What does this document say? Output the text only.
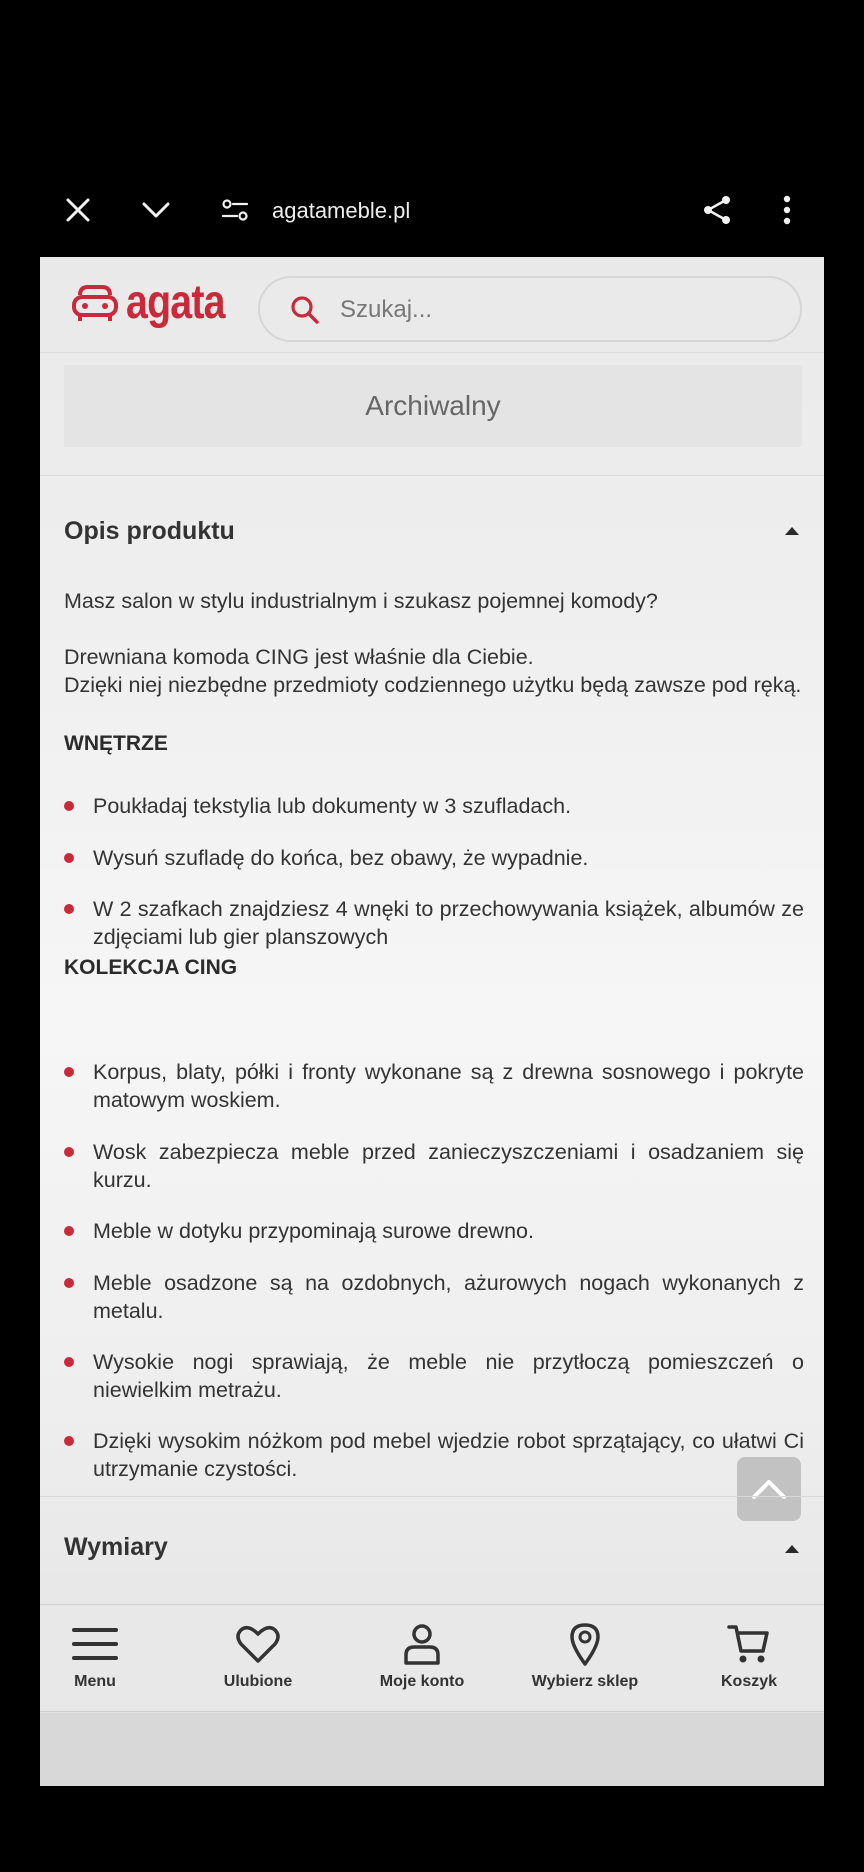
agatameble.pl
agata	Szukaj...
Archiwalny
Opis produktu
Masz salon w stylu industrialnym i szukasz pojemnej komody?
Drewniana komoda CING jest właśnie dla Ciebie.
Dzięki niej niezbędne przedmioty codziennego użytku będą zawsze pod ręką.
WNĘTRZE
Poukładaj tekstylia lub dokumenty w 3 szufladach.
Wysuń szufladę do końca, bez obawy, że wypadnie.
W 2 szafkach znajdziesz 4 wnęki to przechowywania książek, albumów ze zdjęciami lub gier planszowych
KOLEKCJA CING
Korpus, blaty, półki i fronty wykonane są z drewna sosnowego i pokryte matowym woskiem.
Wosk zabezpiecza meble przed zanieczyszczeniami i osadzaniem się kurzu.
Meble w dotyku przypominają surowe drewno.
Meble osadzone są na ozdobnych, ażurowych nogach wykonanych z metalu.
Wysokie nogi sprawiają, że meble nie przytłoczą pomieszczeń o niewielkim metrażu.
Dzięki wysokim nóżkom pod mebel wjedzie robot sprzątający, co ułatwi Ci utrzymanie czystości.
Wymiary
Menu	Ulubione	Moje konto	Wybierz sklep	Koszyk
